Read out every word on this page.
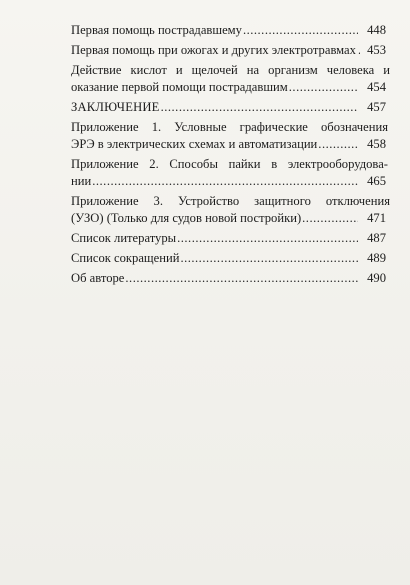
Первая помощь пострадавшему .....	448
Первая помощь при ожогах и других электротравмах ..... 453
Действие кислот и щелочей на организм человека и
оказание первой помощи пострадавшим .....	454
ЗАКЛЮЧЕНИЕ .....	457
Приложение 1. Условные графические обозначения
ЭРЭ в электрических схемах и автоматизации .....	458
Приложение 2. Способы пайки в электрооборудова-
нии .....	465
Приложение 3. Устройство защитного отключения
(УЗО) (Только для судов новой постройки) .....	471
Список литературы .....	487
Список сокращений .....	489
Об авторе .....	490
